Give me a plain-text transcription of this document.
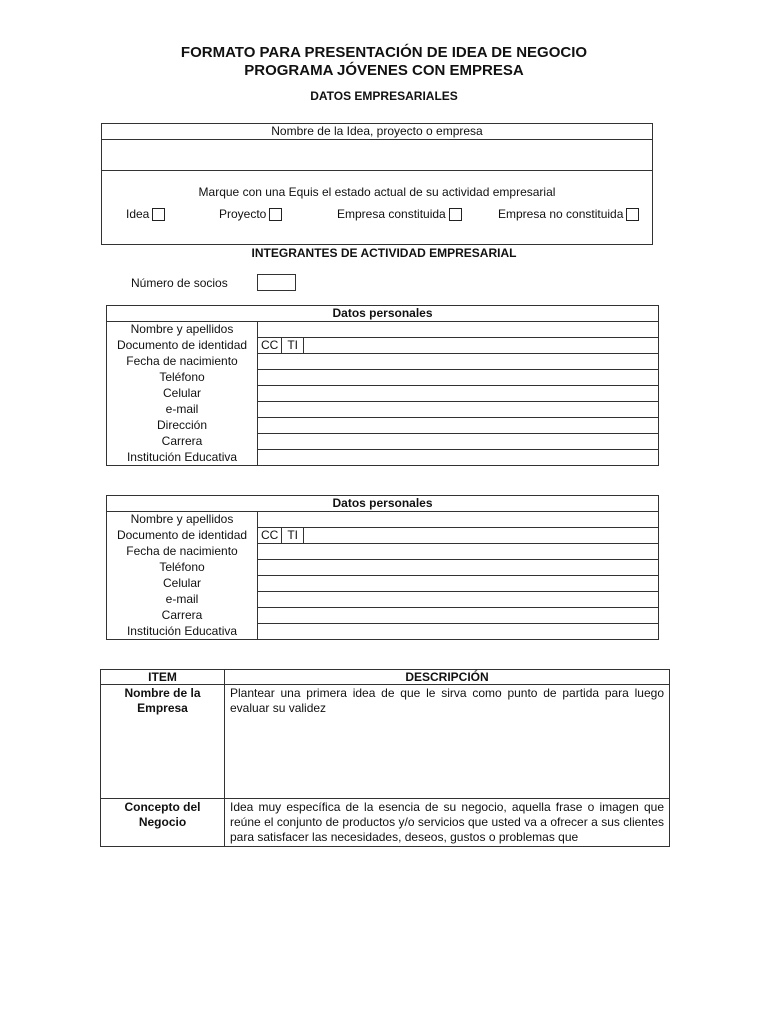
FORMATO PARA PRESENTACIÓN DE IDEA DE NEGOCIO
PROGRAMA JÓVENES CON EMPRESA
DATOS EMPRESARIALES
Nombre de la Idea, proyecto o empresa
Marque con una Equis el estado actual de su actividad empresarial
Idea	Proyecto	Empresa constituida	Empresa no constituida
INTEGRANTES DE ACTIVIDAD EMPRESARIAL
Número de socios
Datos personales	
Nombre y apellidos	
Documento de identidad	CC TI
Fecha de nacimiento	
Teléfono	
Celular	
e-mail	
Dirección	
Carrera	
Institución Educativa	
Datos personales	
Nombre y apellidos	
Documento de identidad	CC TI
Fecha de nacimiento	
Teléfono	
Celular	
e-mail	
Carrera	
Institución Educativa	
ITEM	DESCRIPCIÓN
Nombre de la Empresa	Plantear una primera idea de que le sirva como punto de partida para luego evaluar su validez
Concepto del Negocio	Idea muy específica de la esencia de su negocio, aquella frase o imagen que reúne el conjunto de productos y/o servicios que usted va a ofrecer a sus clientes para satisfacer las necesidades, deseos, gustos o problemas que
